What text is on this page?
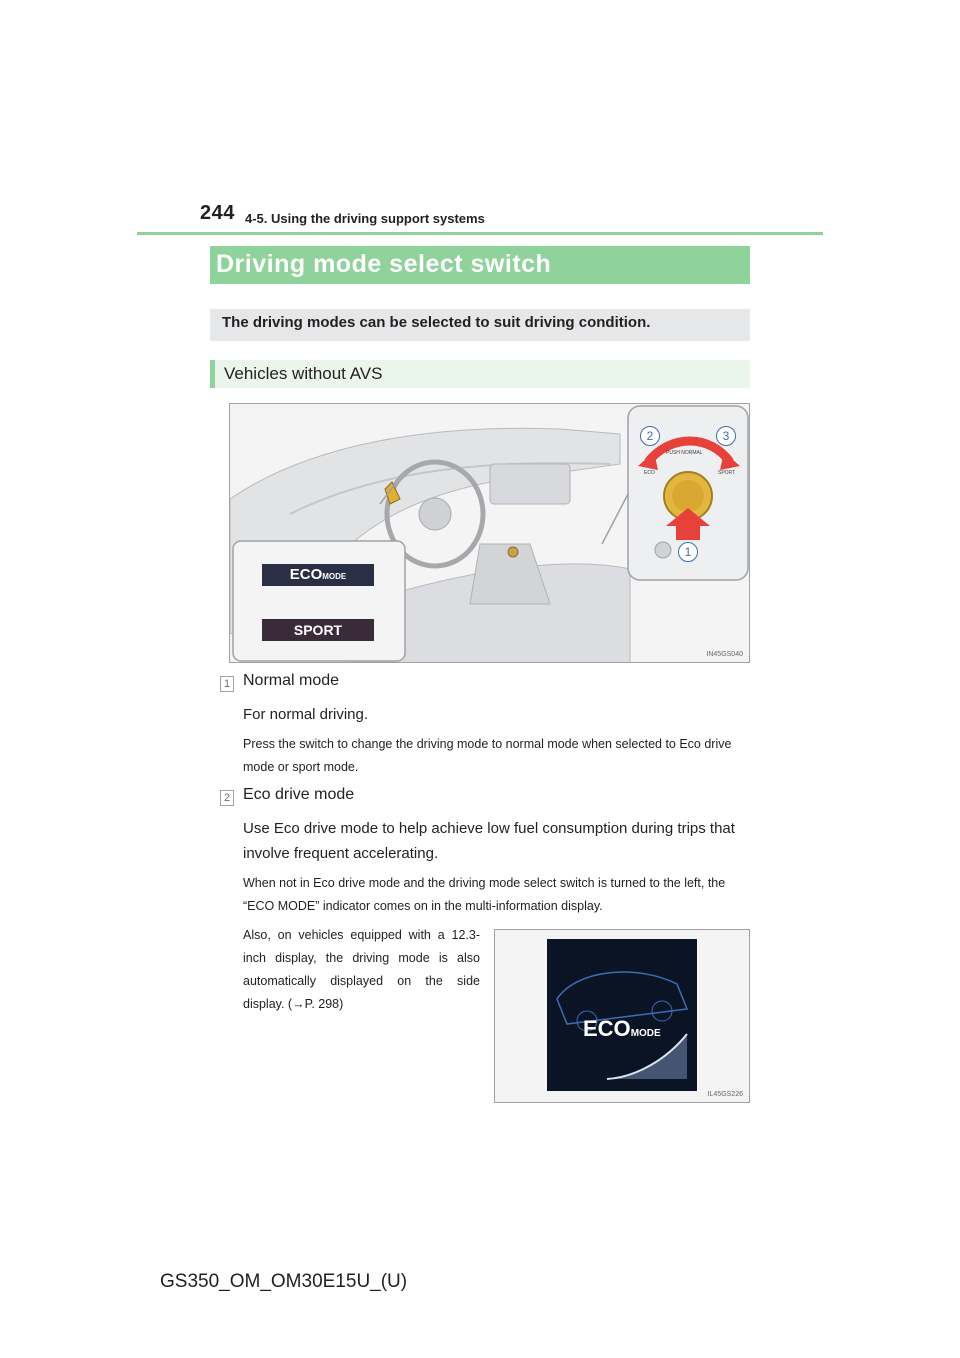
244 4-5. Using the driving support systems
Driving mode select switch
The driving modes can be selected to suit driving condition.
Vehicles without AVS
ECOMODE
SPORT
PUSH NORMAL
ECO	SPORT
2	3
1
IN45GS040
1 Normal mode
For normal driving.
Press the switch to change the driving mode to normal mode when selected to Eco drive mode or sport mode.
2 Eco drive mode
Use Eco drive mode to help achieve low fuel consumption during trips that involve frequent accelerating.
When not in Eco drive mode and the driving mode select switch is turned to the left, the “ECO MODE” indicator comes on in the multi-information display.
Also, on vehicles equipped with a 12.3-inch display, the driving mode is also automatically displayed on the side display. (→P. 298)
ECOMODE
IL45GS226
GS350_OM_OM30E15U_(U)
